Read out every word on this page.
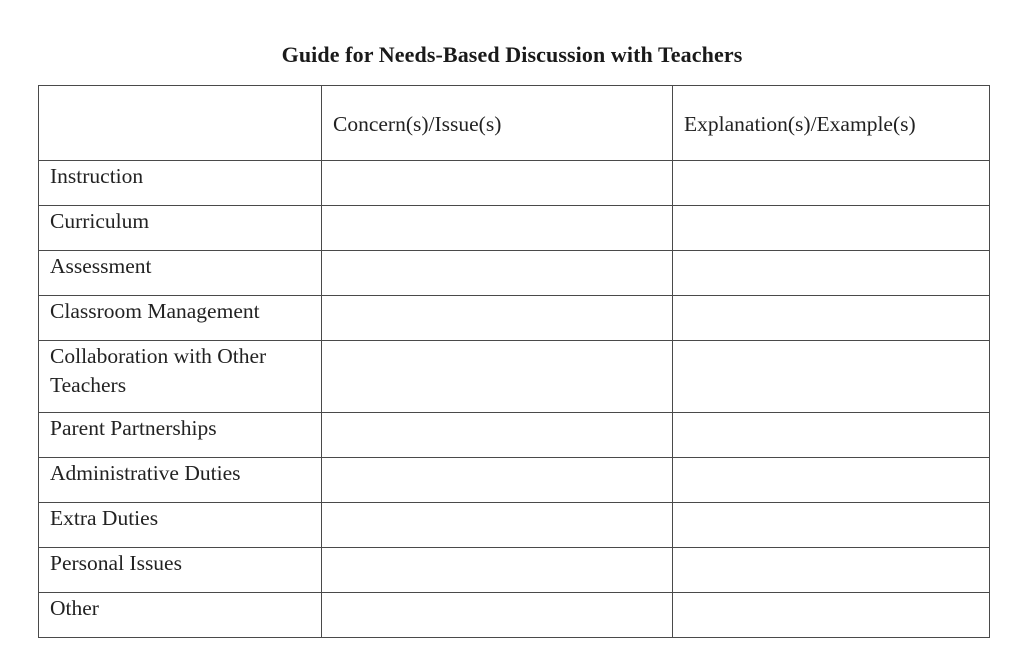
Guide for Needs-Based Discussion with Teachers

	Concern(s)/Issue(s)	Explanation(s)/Example(s)

Instruction		

Curriculum		

Assessment		

Classroom Management		

Collaboration with Other Teachers		

Parent Partnerships		

Administrative Duties		

Extra Duties		

Personal Issues		

Other		
